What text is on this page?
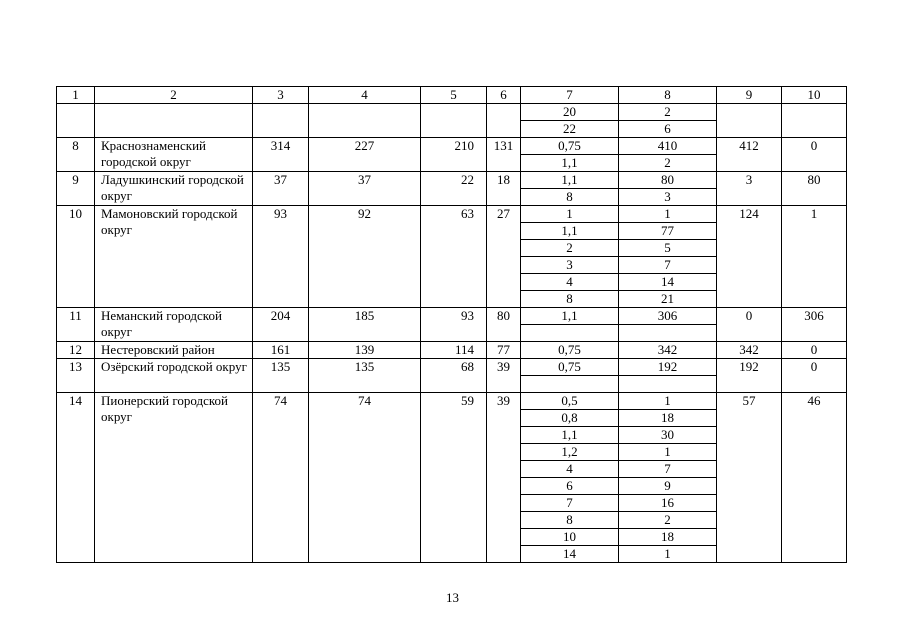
1	2	3	4	5	6	7	8	9	10
						20	2		
						22	6		
8	Краснознаменский городской округ	314	227	210	131	0,75	410	412	0
						1,1	2		
9	Ладушкинский городской округ	37	37	22	18	1,1	80	3	80
						8	3		
10	Мамоновский городской округ	93	92	63	27	1	1	124	1
						1,1	77		
						2	5		
						3	7		
						4	14		
						8	21		
11	Неманский городской округ	204	185	93	80	1,1	306	0	306

12	Нестеровский район	161	139	114	77	0,75	342	342	0
13	Озёрский городской округ	135	135	68	39	0,75	192	192	0

14	Пионерский городской округ	74	74	59	39	0,5	1	57	46
						0,8	18		
						1,1	30		
						1,2	1		
						4	7		
						6	9		
						7	16		
						8	2		
						10	18		
						14	1		
13
